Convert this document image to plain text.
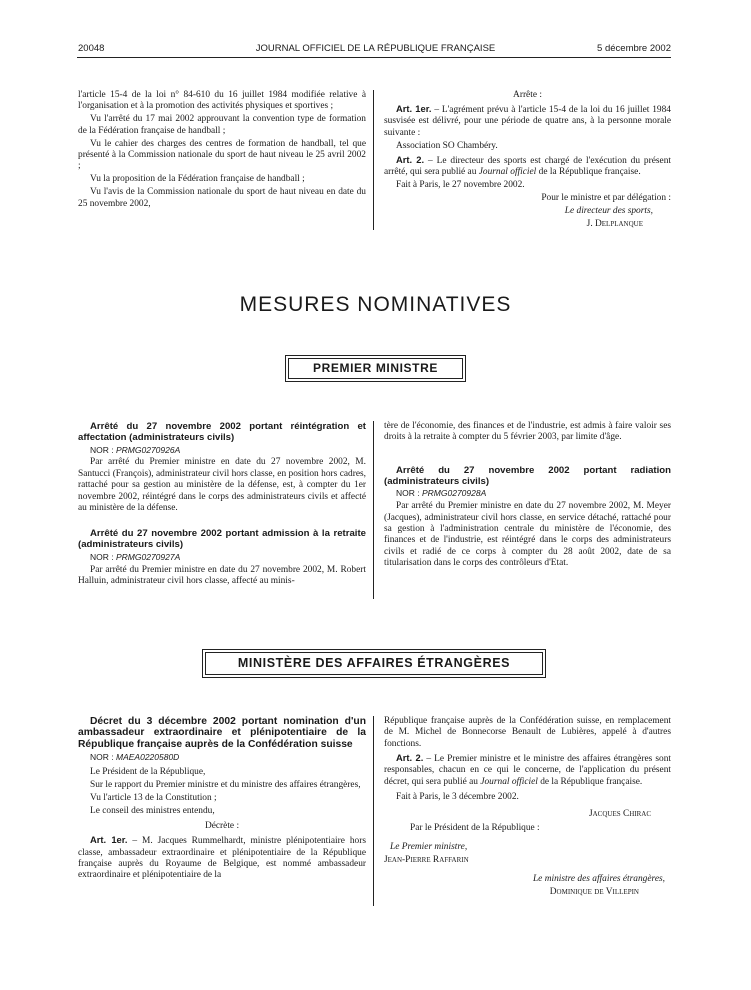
20048	JOURNAL OFFICIEL DE LA RÉPUBLIQUE FRANÇAISE	5 décembre 2002

l'article 15-4 de la loi n° 84-610 du 16 juillet 1984 modifiée relative à l'organisation et à la promotion des activités physiques et sportives ;

Vu l'arrêté du 17 mai 2002 approuvant la convention type de formation de la Fédération française de handball ;

Vu le cahier des charges des centres de formation de handball, tel que présenté à la Commission nationale du sport de haut niveau le 25 avril 2002 ;

Vu la proposition de la Fédération française de handball ;

Vu l'avis de la Commission nationale du sport de haut niveau en date du 25 novembre 2002,

Arrête :

Art. 1er. – L'agrément prévu à l'article 15-4 de la loi du 16 juillet 1984 susvisée est délivré, pour une période de quatre ans, à la personne morale suivante :

Association SO Chambéry.

Art. 2. – Le directeur des sports est chargé de l'exécution du présent arrêté, qui sera publié au Journal officiel de la République française.

Fait à Paris, le 27 novembre 2002.

Pour le ministre et par délégation :

Le directeur des sports,

J. Delplanque

MESURES NOMINATIVES
PREMIER MINISTRE

Arrêté du 27 novembre 2002 portant réintégration et affectation (administrateurs civils)

NOR : PRMG0270926A

Par arrêté du Premier ministre en date du 27 novembre 2002, M. Santucci (François), administrateur civil hors classe, en position hors cadres, rattaché pour sa gestion au ministère de la défense, est, à compter du 1er novembre 2002, réintégré dans le corps des administrateurs civils et affecté au ministère de la défense.

Arrêté du 27 novembre 2002 portant admission à la retraite (administrateurs civils)

NOR : PRMG0270927A

Par arrêté du Premier ministre en date du 27 novembre 2002, M. Robert Halluin, administrateur civil hors classe, affecté au minis-

tère de l'économie, des finances et de l'industrie, est admis à faire valoir ses droits à la retraite à compter du 5 février 2003, par limite d'âge.

Arrêté du 27 novembre 2002 portant radiation (administrateurs civils)

NOR : PRMG0270928A

Par arrêté du Premier ministre en date du 27 novembre 2002, M. Meyer (Jacques), administrateur civil hors classe, en service détaché, rattaché pour sa gestion à l'administration centrale du ministère de l'économie, des finances et de l'industrie, est réintégré dans le corps des administrateurs civils et radié de ce corps à compter du 28 août 2002, date de sa titularisation dans le corps des contrôleurs d'Etat.

MINISTÈRE DES AFFAIRES ÉTRANGÈRES

Décret du 3 décembre 2002 portant nomination d'un ambassadeur extraordinaire et plénipotentiaire de la République française auprès de la Confédération suisse

NOR : MAEA0220580D

Le Président de la République,

Sur le rapport du Premier ministre et du ministre des affaires étrangères,

Vu l'article 13 de la Constitution ;

Le conseil des ministres entendu,

Décrète :

Art. 1er. – M. Jacques Rummelhardt, ministre plénipotentiaire hors classe, ambassadeur extraordinaire et plénipotentiaire de la République française auprès du Royaume de Belgique, est nommé ambassadeur extraordinaire et plénipotentiaire de la

République française auprès de la Confédération suisse, en remplacement de M. Michel de Bonnecorse Benault de Lubières, appelé à d'autres fonctions.

Art. 2. – Le Premier ministre et le ministre des affaires étrangères sont responsables, chacun en ce qui le concerne, de l'application du présent décret, qui sera publié au Journal officiel de la République française.

Fait à Paris, le 3 décembre 2002.

Jacques Chirac

Par le Président de la République :

Le Premier ministre,

Jean-Pierre Raffarin

Le ministre des affaires étrangères,

Dominique de Villepin
